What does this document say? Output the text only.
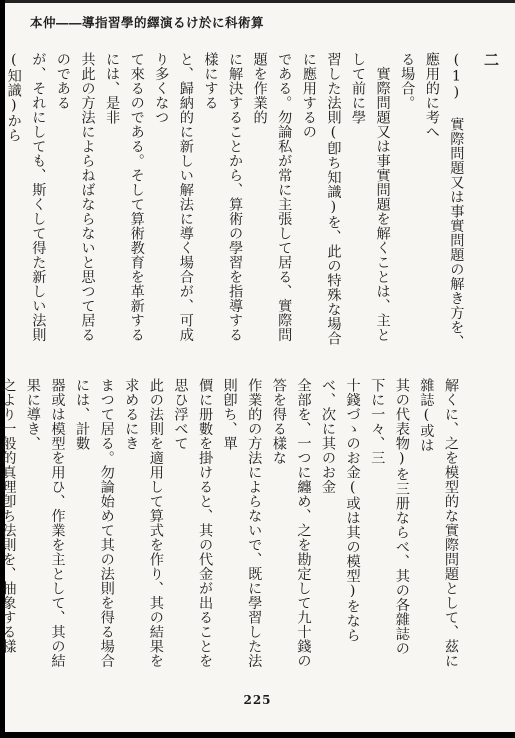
算術科に於ける演繹的學習指導――仲本

二

(1) 實際問題又は事實問題の解き方を、應用的に考へ

る場合。

　實際問題又は事實問題を解くことは、主として前に學

習した法則(卽ち知識)を、此の特殊な場合に應用するの

である。勿論私が常に主張して居る、實際問題を作業的

に解決することから、算術の學習を指導する樣にする

と、歸納的に新しい解法に導く場合が、可成り多くなつ

て來るのである。そして算術教育を革新するには、是非

共此の方法によらねばならないと思つて居るのである

が、それにしても、斯くして得た新しい法則(知識)から

解くに、之を模型的な實際問題として、茲に雜誌(或は

其の代表物)を三册ならべ、其の各雜誌の下に一々、三

十錢づゝのお金(或は其の模型)をならべ、次に其のお金

全部を、一つに纏め、之を勘定して九十錢の答を得る樣な

作業的の方法によらないで、既に學習した法則卽ち、單

價に册數を掛けると、其の代金が出ることを思ひ浮べて

此の法則を適用して算式を作り、其の結果を求めるにき

まつて居る。勿論始めて其の法則を得る場合には、計數

器或は模型を用ひ、作業を主として、其の結果に導き、

之より一般的真理卽ち法則を、抽象する樣

225
